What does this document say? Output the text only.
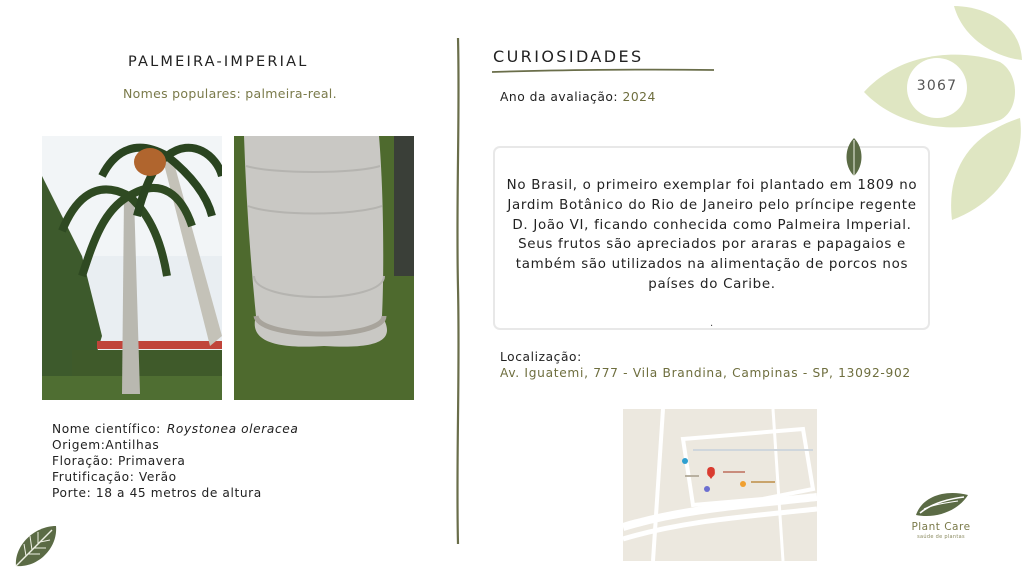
3067
PALMEIRA-IMPERIAL
Nomes populares: palmeira-real.
Nome científico: Roystonea oleracea
Origem:Antilhas
Floração: Primavera
Frutificação: Verão
Porte: 18 a 45 metros de altura
CURIOSIDADES
Ano da avaliação: 2024
No Brasil, o primeiro exemplar foi plantado em 1809 no Jardim Botânico do Rio de Janeiro pelo príncipe regente D. João VI, ficando conhecida como Palmeira Imperial. Seus frutos são apreciados por araras e papagaios e também são utilizados na alimentação de porcos nos países do Caribe.
.
Localização:
Av. Iguatemi, 777 - Vila Brandina, Campinas - SP, 13092-902
Plant Care
saúde de plantas
